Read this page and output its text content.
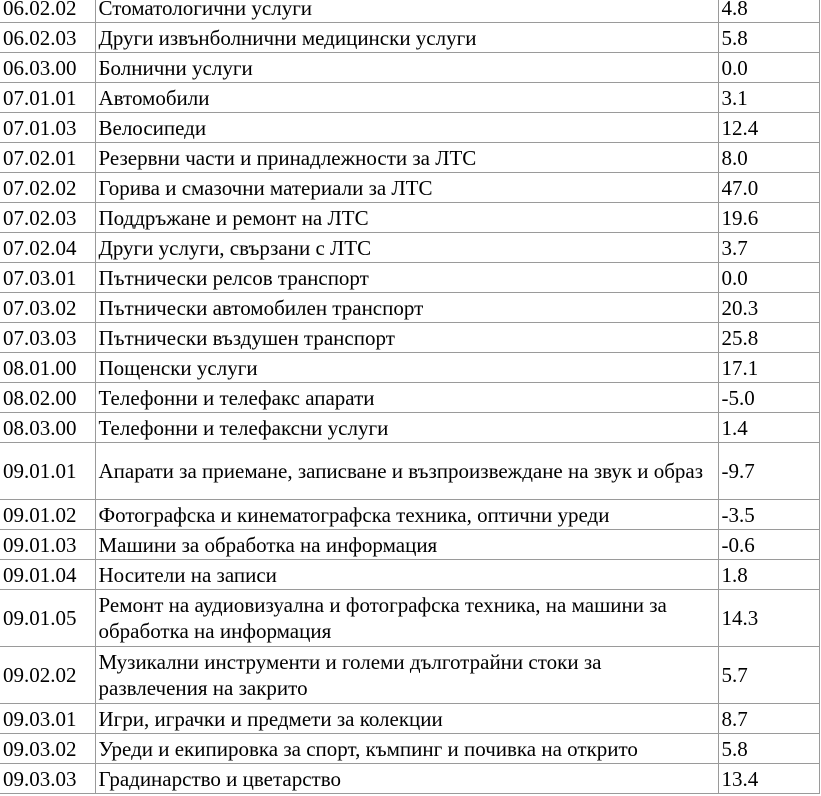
06.02.02	Стоматологични услуги	4.8
06.02.03	Други извънболнични медицински услуги	5.8
06.03.00	Болнични услуги	0.0
07.01.01	Автомобили	3.1
07.01.03	Велосипеди	12.4
07.02.01	Резервни части и принадлежности за ЛТС	8.0
07.02.02	Горива и смазочни материали за ЛТС	47.0
07.02.03	Поддръжане и ремонт на ЛТС	19.6
07.02.04	Други услуги, свързани с ЛТС	3.7
07.03.01	Пътнически релсов транспорт	0.0
07.03.02	Пътнически автомобилен транспорт	20.3
07.03.03	Пътнически въздушен транспорт	25.8
08.01.00	Пощенски услуги	17.1
08.02.00	Телефонни и телефакс апарати	-5.0
08.03.00	Телефонни и телефаксни услуги	1.4
09.01.01	Апарати за приемане, записване и възпроизвеждане на звук и образ	-9.7
09.01.02	Фотографска и кинематографска техника, оптични уреди	-3.5
09.01.03	Машини за обработка на информация	-0.6
09.01.04	Носители на записи	1.8
09.01.05	Ремонт на аудиовизуална и фотографска техника, на машини за обработка на информация	14.3
09.02.02	Музикални инструменти и големи дълготрайни стоки за развлечения на закрито	5.7
09.03.01	Игри, играчки и предмети за колекции	8.7
09.03.02	Уреди и екипировка за спорт, къмпинг и почивка на открито	5.8
09.03.03	Градинарство и цветарство	13.4
